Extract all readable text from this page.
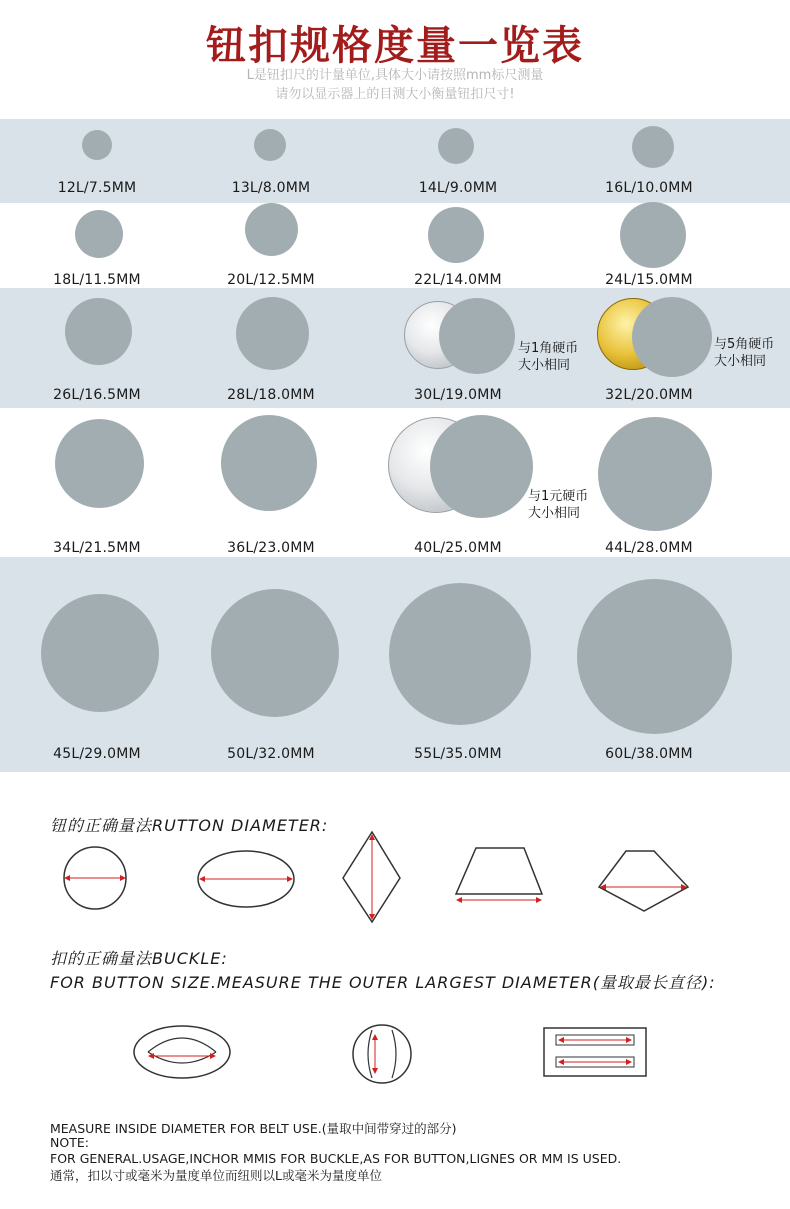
钮扣规格度量一览表
L是钮扣尺的计量单位,具体大小请按照mm标尺测量
请勿以显示器上的目测大小衡量钮扣尺寸!
12L/7.5MM	13L/8.0MM	14L/9.0MM	16L/10.0MM
18L/11.5MM	20L/12.5MM	22L/14.0MM	24L/15.0MM
与1角硬币
大小相同
与5角硬币
大小相同
26L/16.5MM	28L/18.0MM	30L/19.0MM	32L/20.0MM
与1元硬币
大小相同
34L/21.5MM	36L/23.0MM	40L/25.0MM	44L/28.0MM
45L/29.0MM	50L/32.0MM	55L/35.0MM	60L/38.0MM
钮的正确量法RUTTON DIAMETER:
扣的正确量法BUCKLE:
FOR BUTTON SIZE.MEASURE THE OUTER LARGEST DIAMETER(量取最长直径):
MEASURE INSIDE DIAMETER FOR BELT USE.(量取中间带穿过的部分)
NOTE:
FOR GENERAL.USAGE,INCHOR MMIS FOR BUCKLE,AS FOR BUTTON,LIGNES OR MM IS USED.
通常，扣以寸或毫米为量度单位而纽则以L或毫米为量度单位
